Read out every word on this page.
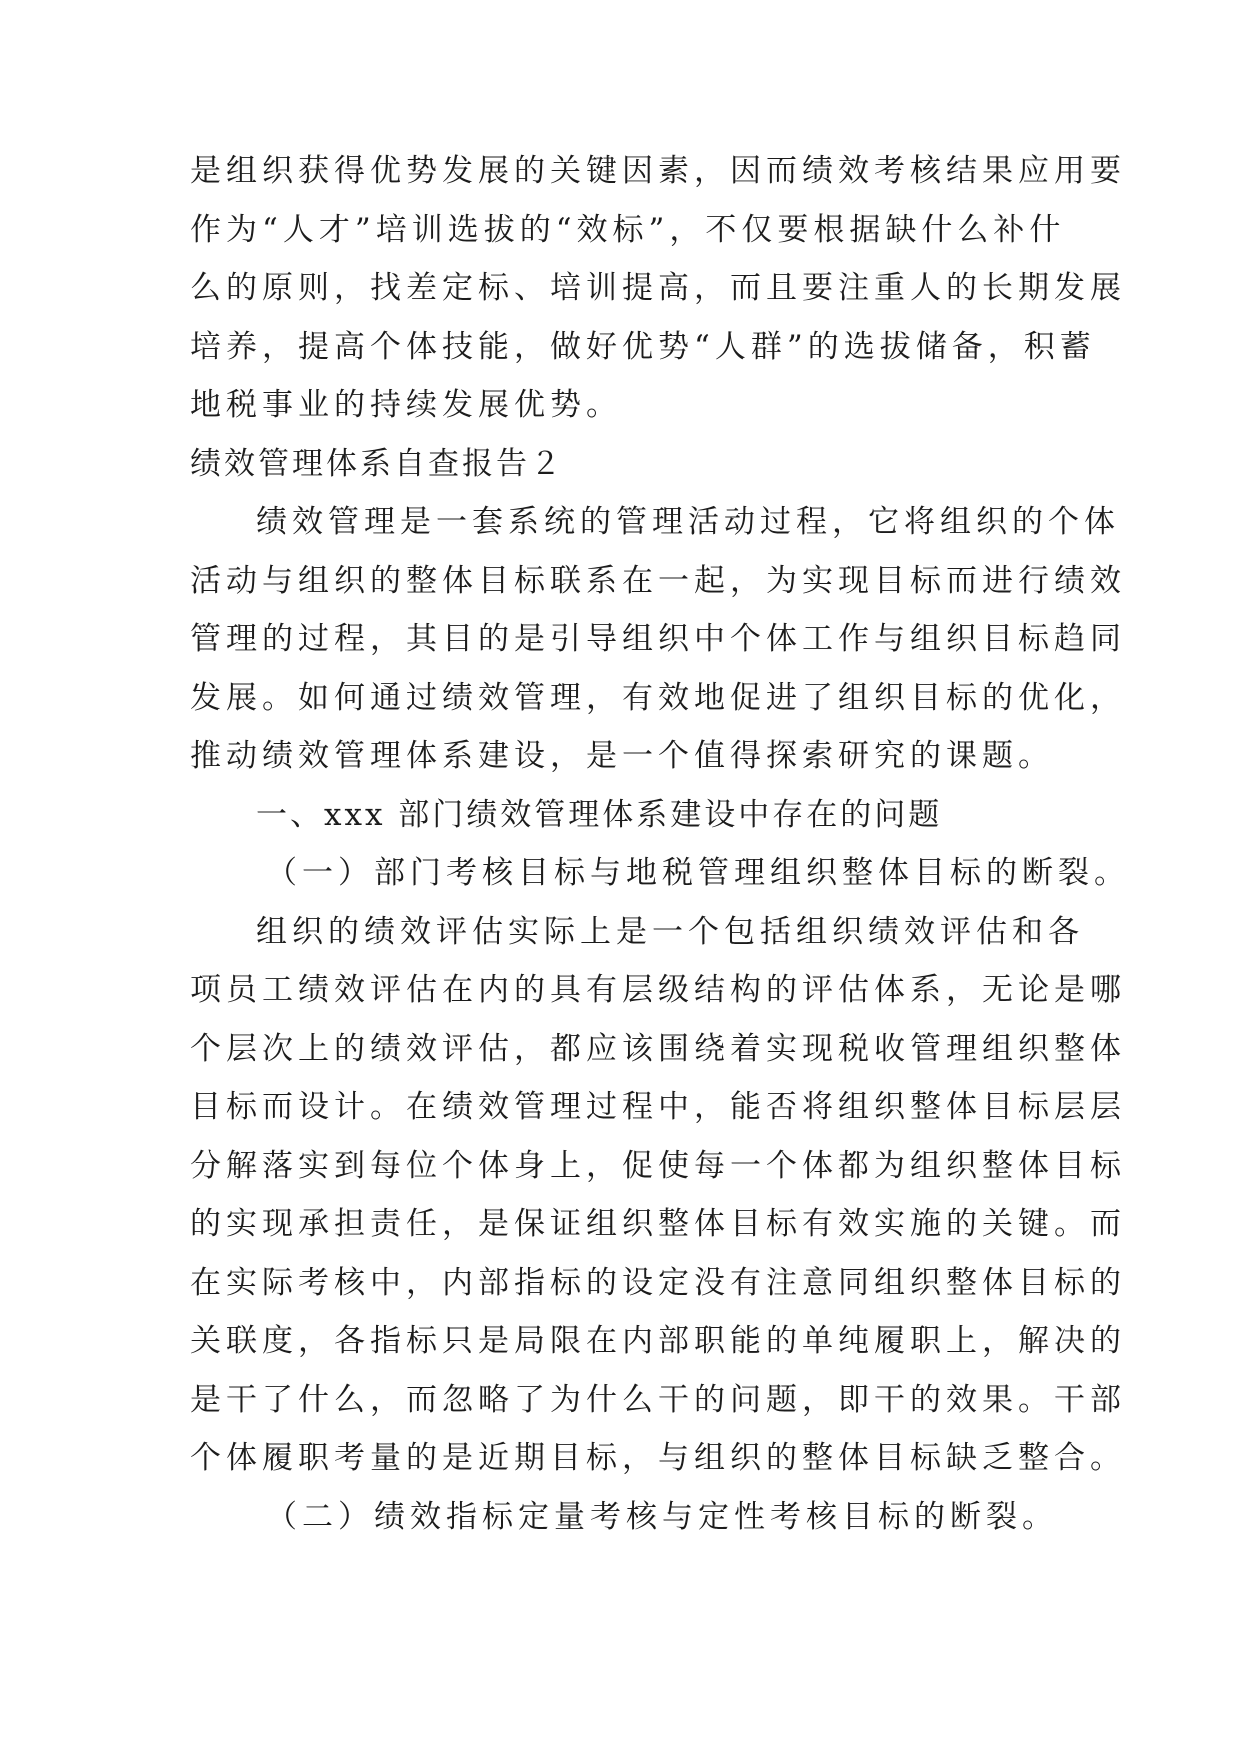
是组织获得优势发展的关键因素，因而绩效考核结果应用要
作为“人才”培训选拔的“效标”，不仅要根据缺什么补什
么的原则，找差定标、培训提高，而且要注重人的长期发展
培养，提高个体技能，做好优势“人群”的选拔储备，积蓄
地税事业的持续发展优势。
绩效管理体系自查报告２
绩效管理是一套系统的管理活动过程，它将组织的个体
活动与组织的整体目标联系在一起，为实现目标而进行绩效
管理的过程，其目的是引导组织中个体工作与组织目标趋同
发展。如何通过绩效管理，有效地促进了组织目标的优化，
推动绩效管理体系建设，是一个值得探索研究的课题。
一、xxx 部门绩效管理体系建设中存在的问题
（一）部门考核目标与地税管理组织整体目标的断裂。
组织的绩效评估实际上是一个包括组织绩效评估和各
项员工绩效评估在内的具有层级结构的评估体系，无论是哪
个层次上的绩效评估，都应该围绕着实现税收管理组织整体
目标而设计。在绩效管理过程中，能否将组织整体目标层层
分解落实到每位个体身上，促使每一个体都为组织整体目标
的实现承担责任，是保证组织整体目标有效实施的关键。而
在实际考核中，内部指标的设定没有注意同组织整体目标的
关联度，各指标只是局限在内部职能的单纯履职上，解决的
是干了什么，而忽略了为什么干的问题，即干的效果。干部
个体履职考量的是近期目标，与组织的整体目标缺乏整合。
（二）绩效指标定量考核与定性考核目标的断裂。
